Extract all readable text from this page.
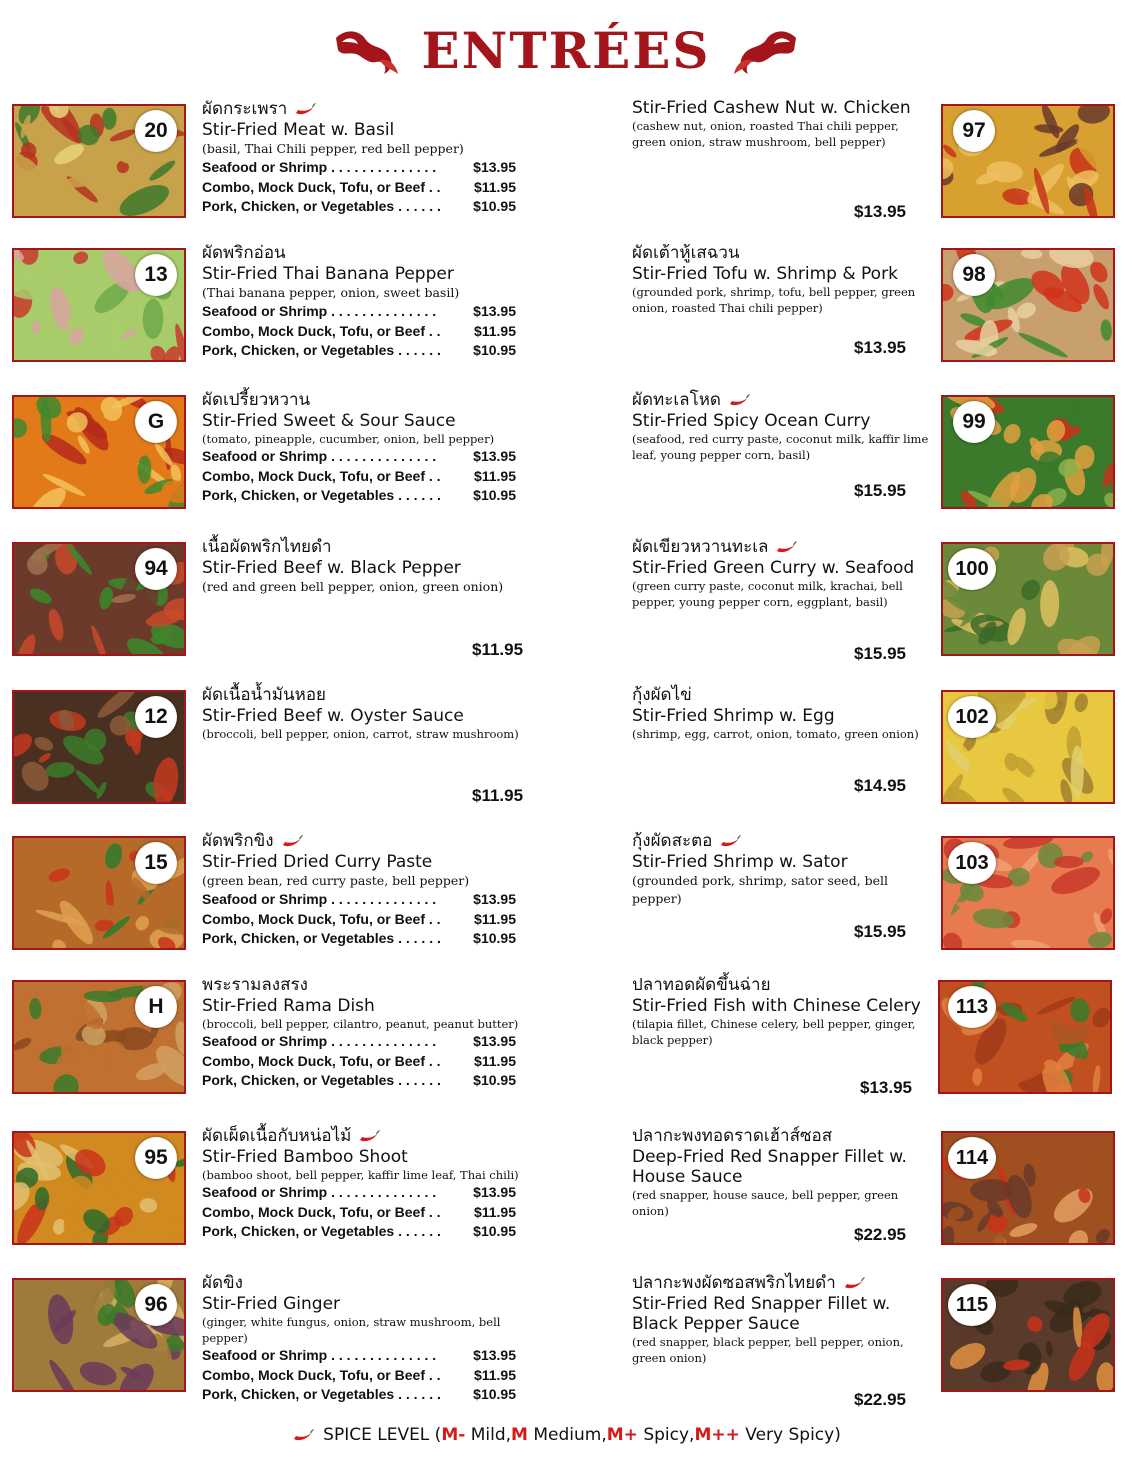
ENTRÉES
20
ผัดกระเพรา
Stir-Fried Meat w. Basil
(basil, Thai Chili pepper, red bell pepper)
Seafood or Shrimp . . . . . . . . . . . . . .	$13.95
Combo, Mock Duck, Tofu, or Beef . . $11.95
Pork, Chicken, or Vegetables . . . . . . $10.95
13
ผัดพริกอ่อน
Stir-Fried Thai Banana Pepper
(Thai banana pepper, onion, sweet basil)
Seafood or Shrimp . . . . . . . . . . . . . .	$13.95
Combo, Mock Duck, Tofu, or Beef . . $11.95
Pork, Chicken, or Vegetables . . . . . . $10.95
G
ผัดเปรี้ยวหวาน
Stir-Fried Sweet & Sour Sauce
(tomato, pineapple, cucumber, onion, bell pepper)
Seafood or Shrimp . . . . . . . . . . . . . .	$13.95
Combo, Mock Duck, Tofu, or Beef . . $11.95
Pork, Chicken, or Vegetables . . . . . . $10.95
94
เนื้อผัดพริกไทยดำ
Stir-Fried Beef w. Black Pepper
(red and green bell pepper, onion, green onion)
$11.95
12
ผัดเนื้อน้ำมันหอย
Stir-Fried Beef w. Oyster Sauce
(broccoli, bell pepper, onion, carrot, straw mushroom)
$11.95
15
ผัดพริกขิง
Stir-Fried Dried Curry Paste
(green bean, red curry paste, bell pepper)
Seafood or Shrimp . . . . . . . . . . . . . .	$13.95
Combo, Mock Duck, Tofu, or Beef . . $11.95
Pork, Chicken, or Vegetables . . . . . . $10.95
H
พระรามลงสรง
Stir-Fried Rama Dish
(broccoli, bell pepper, cilantro, peanut, peanut butter)
Seafood or Shrimp . . . . . . . . . . . . . .	$13.95
Combo, Mock Duck, Tofu, or Beef . . $11.95
Pork, Chicken, or Vegetables . . . . . . $10.95
95
ผัดเผ็ดเนื้อกับหน่อไม้
Stir-Fried Bamboo Shoot
(bamboo shoot, bell pepper, kaffir lime leaf, Thai chili)
Seafood or Shrimp . . . . . . . . . . . . . .	$13.95
Combo, Mock Duck, Tofu, or Beef . . $11.95
Pork, Chicken, or Vegetables . . . . . . $10.95
96
ผัดขิง
Stir-Fried Ginger
(ginger, white fungus, onion, straw mushroom, bell pepper)
Seafood or Shrimp . . . . . . . . . . . . . .	$13.95
Combo, Mock Duck, Tofu, or Beef . . $11.95
Pork, Chicken, or Vegetables . . . . . . $10.95
97
Stir-Fried Cashew Nut w. Chicken
(cashew nut, onion, roasted Thai chili pepper, green onion, straw mushroom, bell pepper)
$13.95
98
ผัดเต้าหู้เสฉวน
Stir-Fried Tofu w. Shrimp & Pork
(grounded pork, shrimp, tofu, bell pepper, green onion, roasted Thai chili pepper)
$13.95
99
ผัดทะเลโหด
Stir-Fried Spicy Ocean Curry
(seafood, red curry paste, coconut milk, kaffir lime leaf, young pepper corn, basil)
$15.95
100
ผัดเขียวหวานทะเล
Stir-Fried Green Curry w. Seafood
(green curry paste, coconut milk, krachai, bell pepper, young pepper corn, eggplant, basil)
$15.95
102
กุ้งผัดไข่
Stir-Fried Shrimp w. Egg
(shrimp, egg, carrot, onion, tomato, green onion)
$14.95
103
กุ้งผัดสะตอ
Stir-Fried Shrimp w. Sator
(grounded pork, shrimp, sator seed, bell pepper)
$15.95
113
ปลาทอดผัดขึ้นฉ่าย
Stir-Fried Fish with Chinese Celery
(tilapia fillet, Chinese celery, bell pepper, ginger, black pepper)
$13.95
114
ปลากะพงทอดราดเฮ้าส์ซอส
Deep-Fried Red Snapper Fillet w. House Sauce
(red snapper, house sauce, bell pepper, green onion)
$22.95
115
ปลากะพงผัดซอสพริกไทยดำ
Stir-Fried Red Snapper Fillet w. Black Pepper Sauce
(red snapper, black pepper, bell pepper, onion, green onion)
$22.95
SPICE LEVEL (M- Mild,M Medium,M+ Spicy,M++ Very Spicy)
